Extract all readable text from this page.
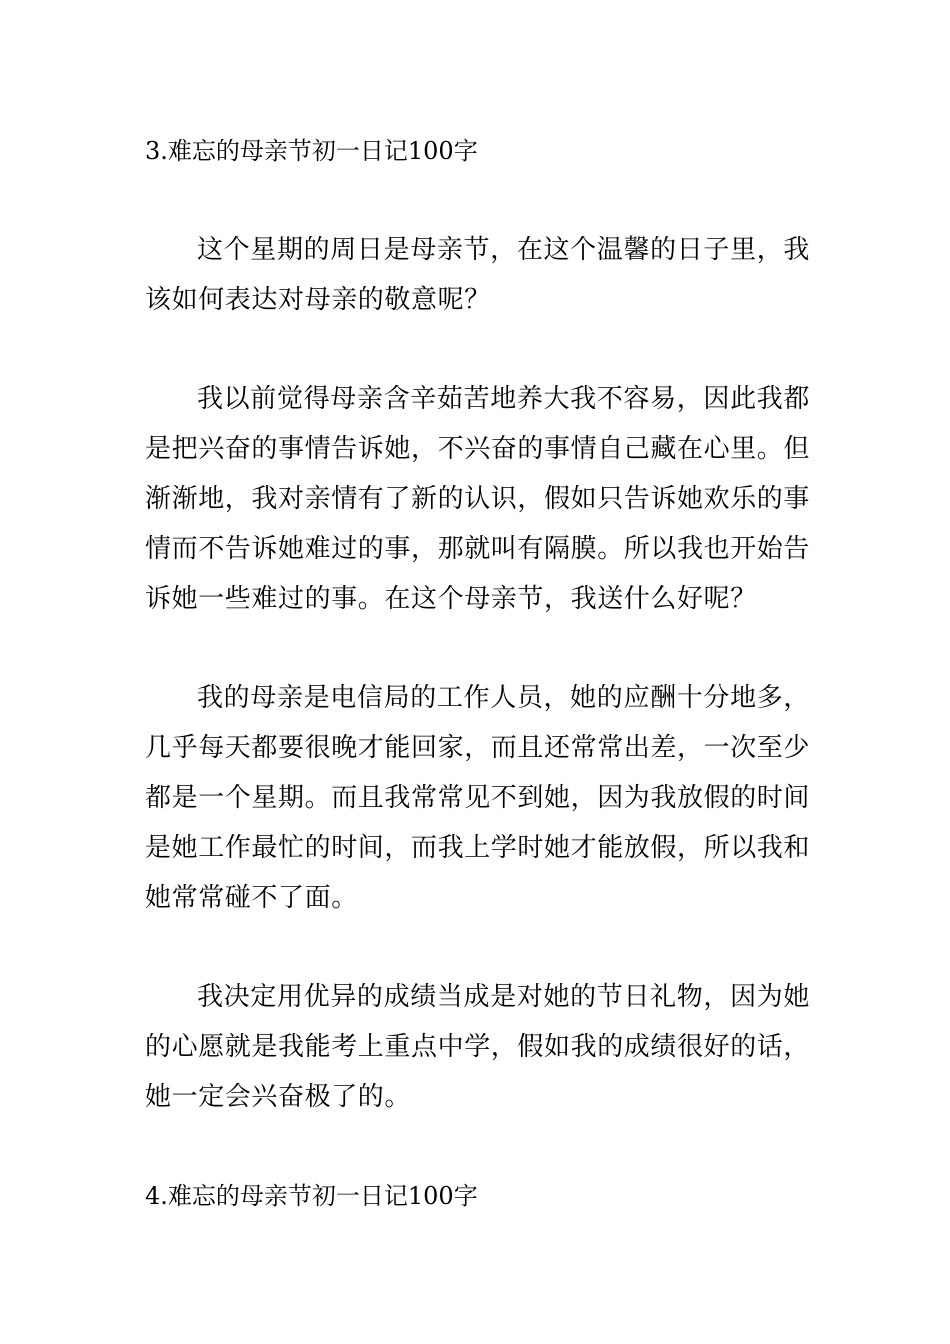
3.难忘的母亲节初一日记100字

这个星期的周日是母亲节，在这个温馨的日子里，我该如何表达对母亲的敬意呢？

我以前觉得母亲含辛茹苦地养大我不容易，因此我都是把兴奋的事情告诉她，不兴奋的事情自己藏在心里。但渐渐地，我对亲情有了新的认识，假如只告诉她欢乐的事情而不告诉她难过的事，那就叫有隔膜。所以我也开始告诉她一些难过的事。在这个母亲节，我送什么好呢？

我的母亲是电信局的工作人员，她的应酬十分地多，几乎每天都要很晚才能回家，而且还常常出差，一次至少都是一个星期。而且我常常见不到她，因为我放假的时间是她工作最忙的时间，而我上学时她才能放假，所以我和她常常碰不了面。

我决定用优异的成绩当成是对她的节日礼物，因为她的心愿就是我能考上重点中学，假如我的成绩很好的话，她一定会兴奋极了的。

4.难忘的母亲节初一日记100字
